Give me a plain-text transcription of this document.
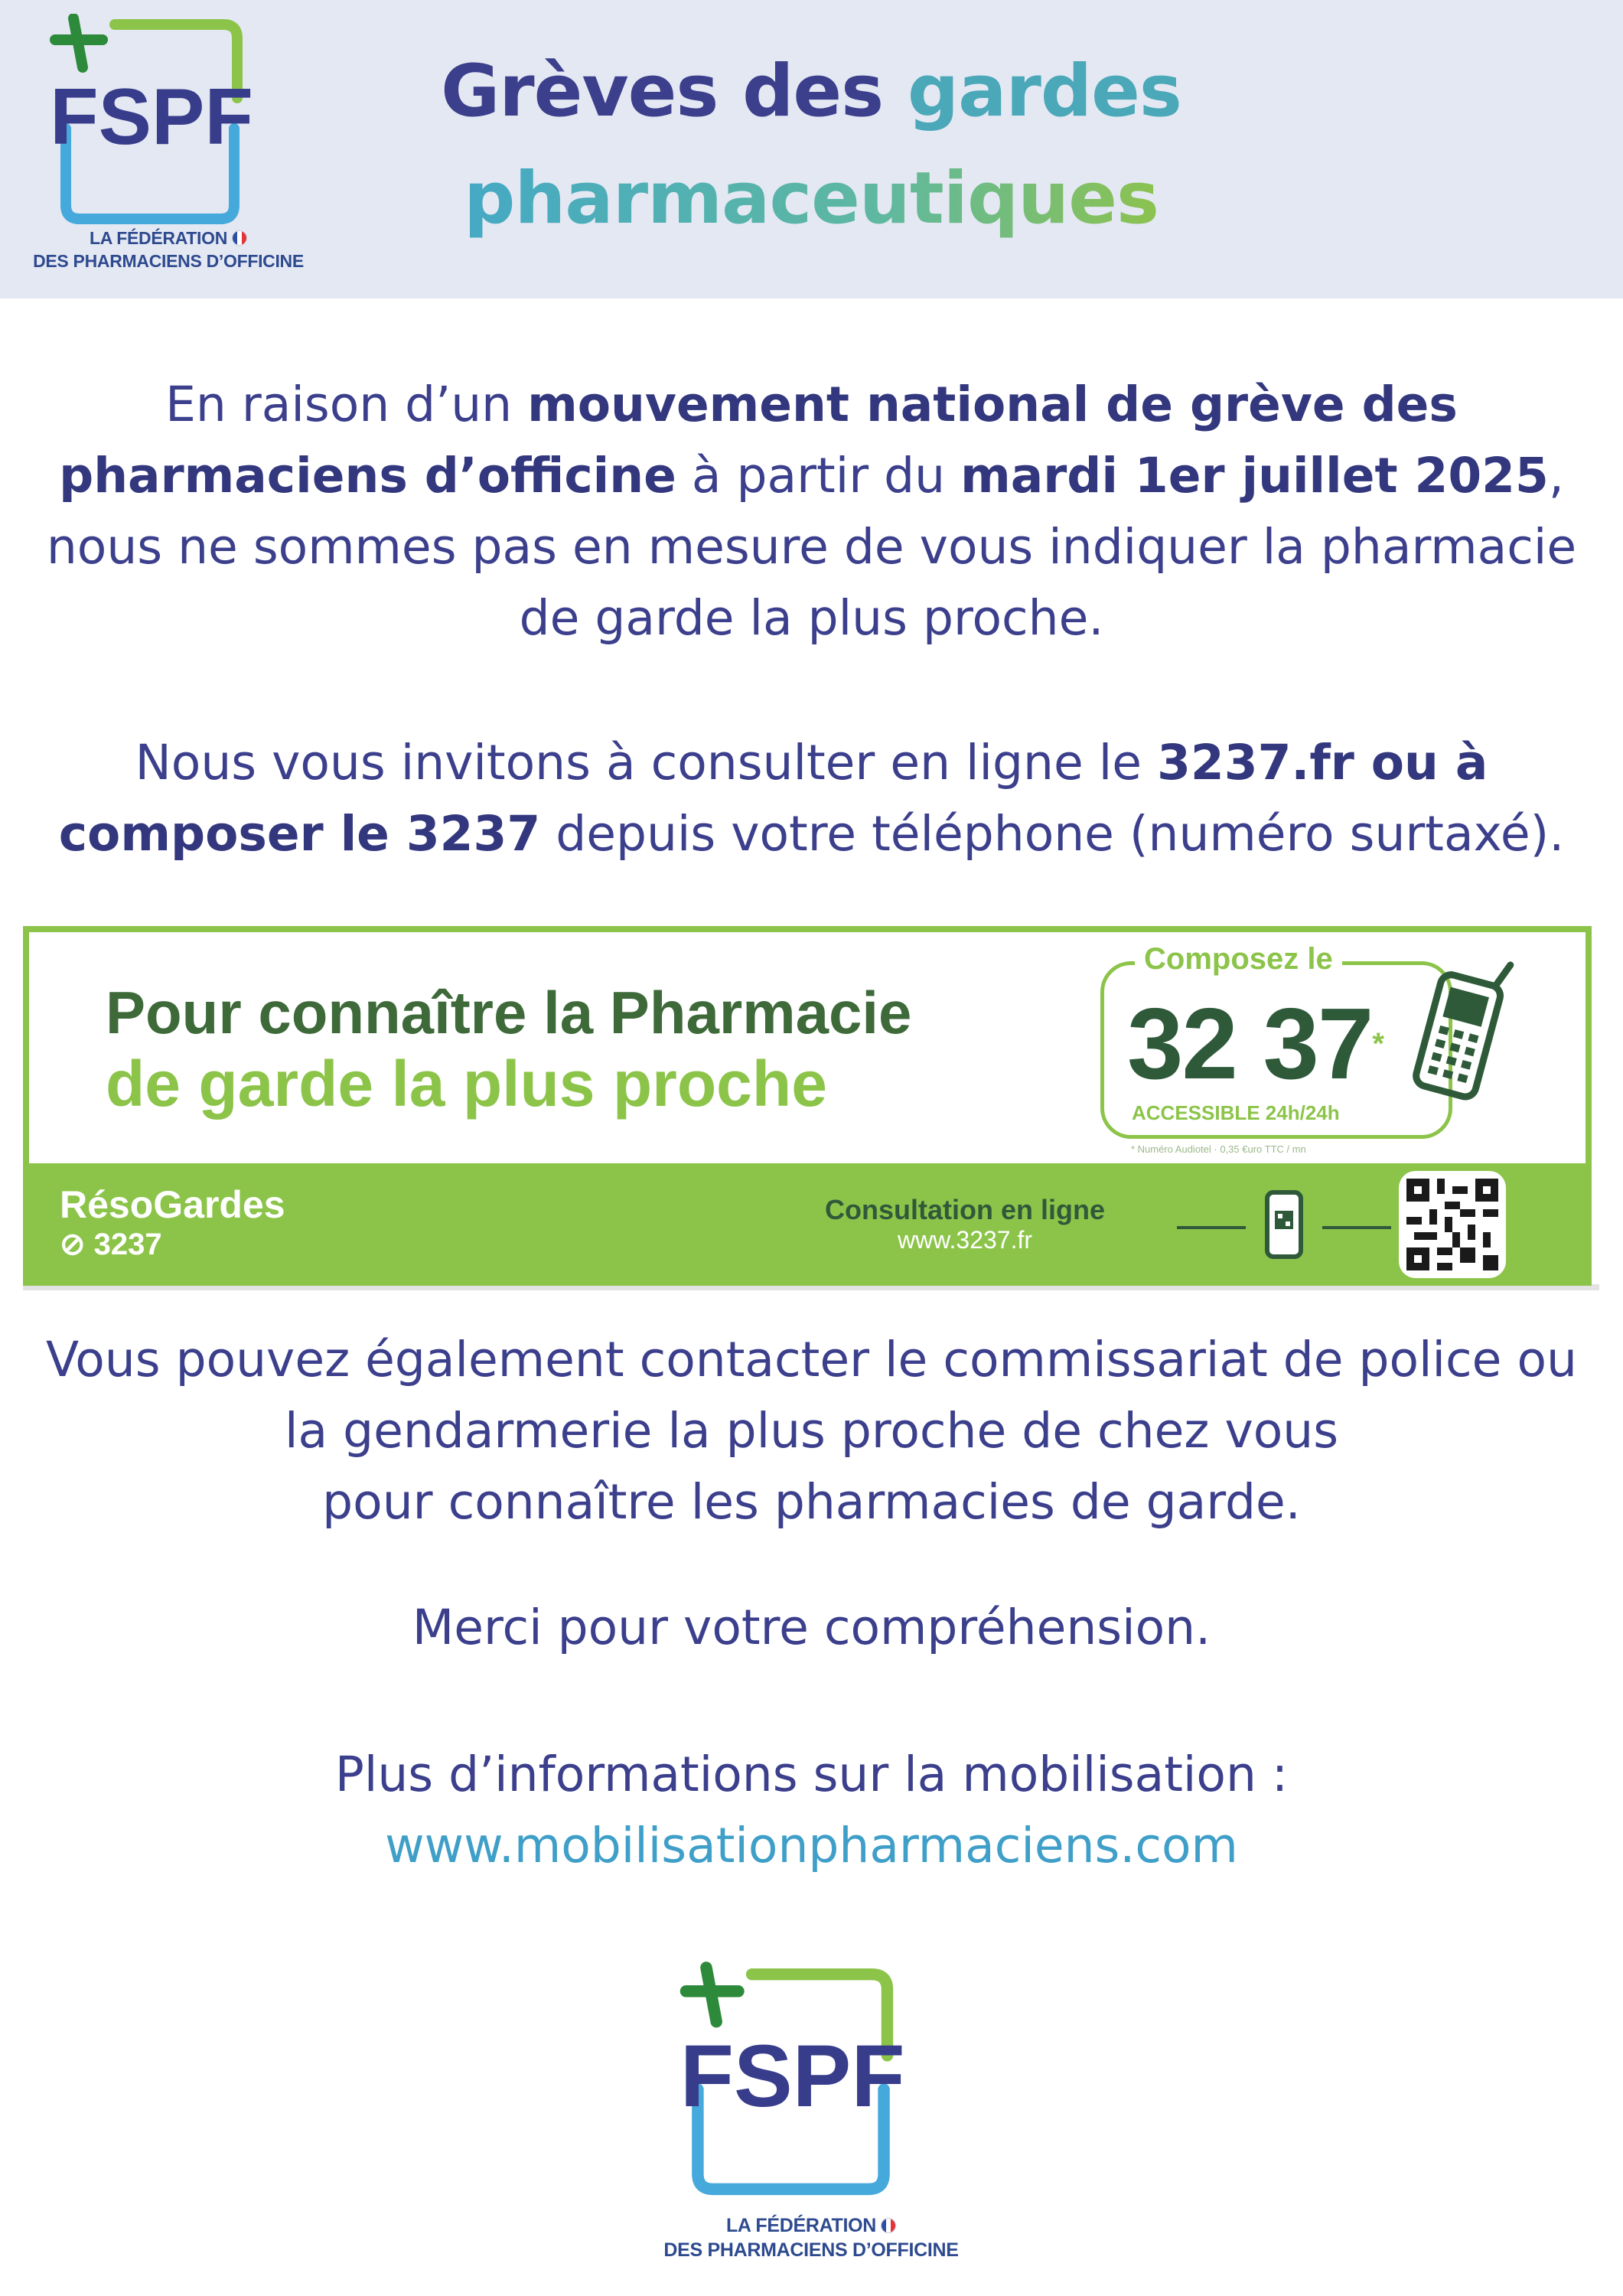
FSPF
LA FÉDÉRATION
DES PHARMACIENS D’OFFICINE
Grèves des gardes
pharmaceutiques

En raison d’un mouvement national de grève des pharmaciens d’officine à partir du mardi 1er juillet 2025, nous ne sommes pas en mesure de vous indiquer la pharmacie de garde la plus proche.

Nous vous invitons à consulter en ligne le 3237.fr ou à composer le 3237 depuis votre téléphone (numéro surtaxé).

Pour connaître la Pharmacie
de garde la plus proche
Composez le
32 37*
ACCESSIBLE 24h/24h
* Numéro Audiotel · 0,35 €uro TTC / mn
RésoGardes
⊘ 3237
Consultation en ligne
www.3237.fr

Vous pouvez également contacter le commissariat de police ou
la gendarmerie la plus proche de chez vous
pour connaître les pharmacies de garde.

Merci pour votre compréhension.

Plus d’informations sur la mobilisation :
www.mobilisationpharmaciens.com

FSPF
LA FÉDÉRATION
DES PHARMACIENS D’OFFICINE
